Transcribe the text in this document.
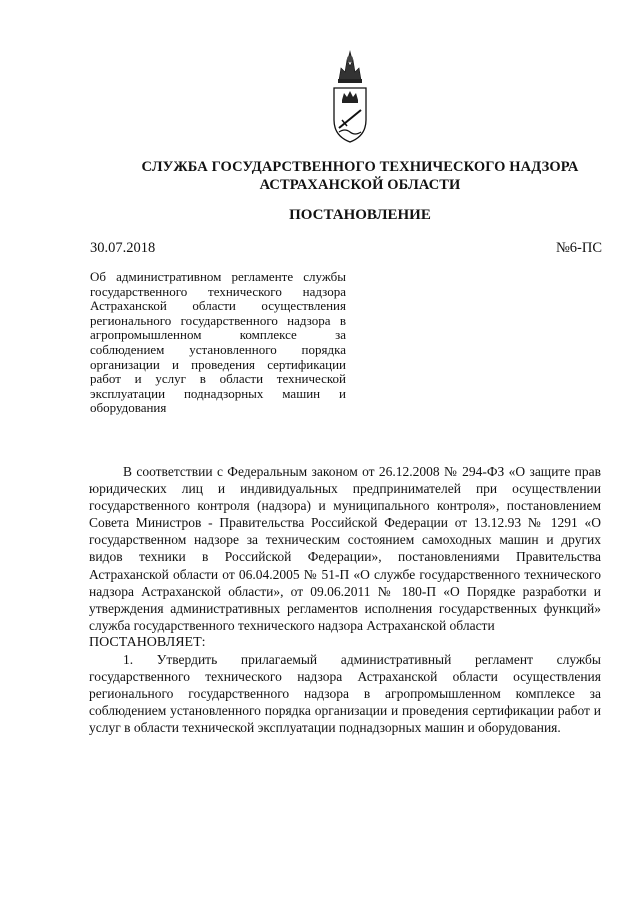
СЛУЖБА ГОСУДАРСТВЕННОГО ТЕХНИЧЕСКОГО НАДЗОРА
АСТРАХАНСКОЙ ОБЛАСТИ
ПОСТАНОВЛЕНИЕ
30.07.2018	№6-ПС
Об административном регламенте службы государственного технического надзора Астраханской области осуществления регионального государственного надзора в агропромышленном комплексе за соблюдением установленного порядка организации и проведения сертификации работ и услуг в области технической эксплуатации поднадзорных машин и оборудования

В соответствии с Федеральным законом от 26.12.2008 № 294-ФЗ «О защите прав юридических лиц и индивидуальных предпринимателей при осуществлении государственного контроля (надзора) и муниципального контроля», постановлением Совета Министров - Правительства Российской Федерации от 13.12.93 № 1291 «О государственном надзоре за техническим состоянием самоходных машин и других видов техники в Российской Федерации», постановлениями Правительства Астраханской области от 06.04.2005 № 51-П «О службе государственного технического надзора Астраханской области», от 09.06.2011 № 180-П «О Порядке разработки и утверждения административных регламентов исполнения государственных функций» служба государственного технического надзора Астраханской области

ПОСТАНОВЛЯЕТ:

1. Утвердить прилагаемый административный регламент службы государственного технического надзора Астраханской области осуществления регионального государственного надзора в агропромышленном комплексе за соблюдением установленного порядка организации и проведения сертификации работ и услуг в области технической эксплуатации поднадзорных машин и оборудования.
